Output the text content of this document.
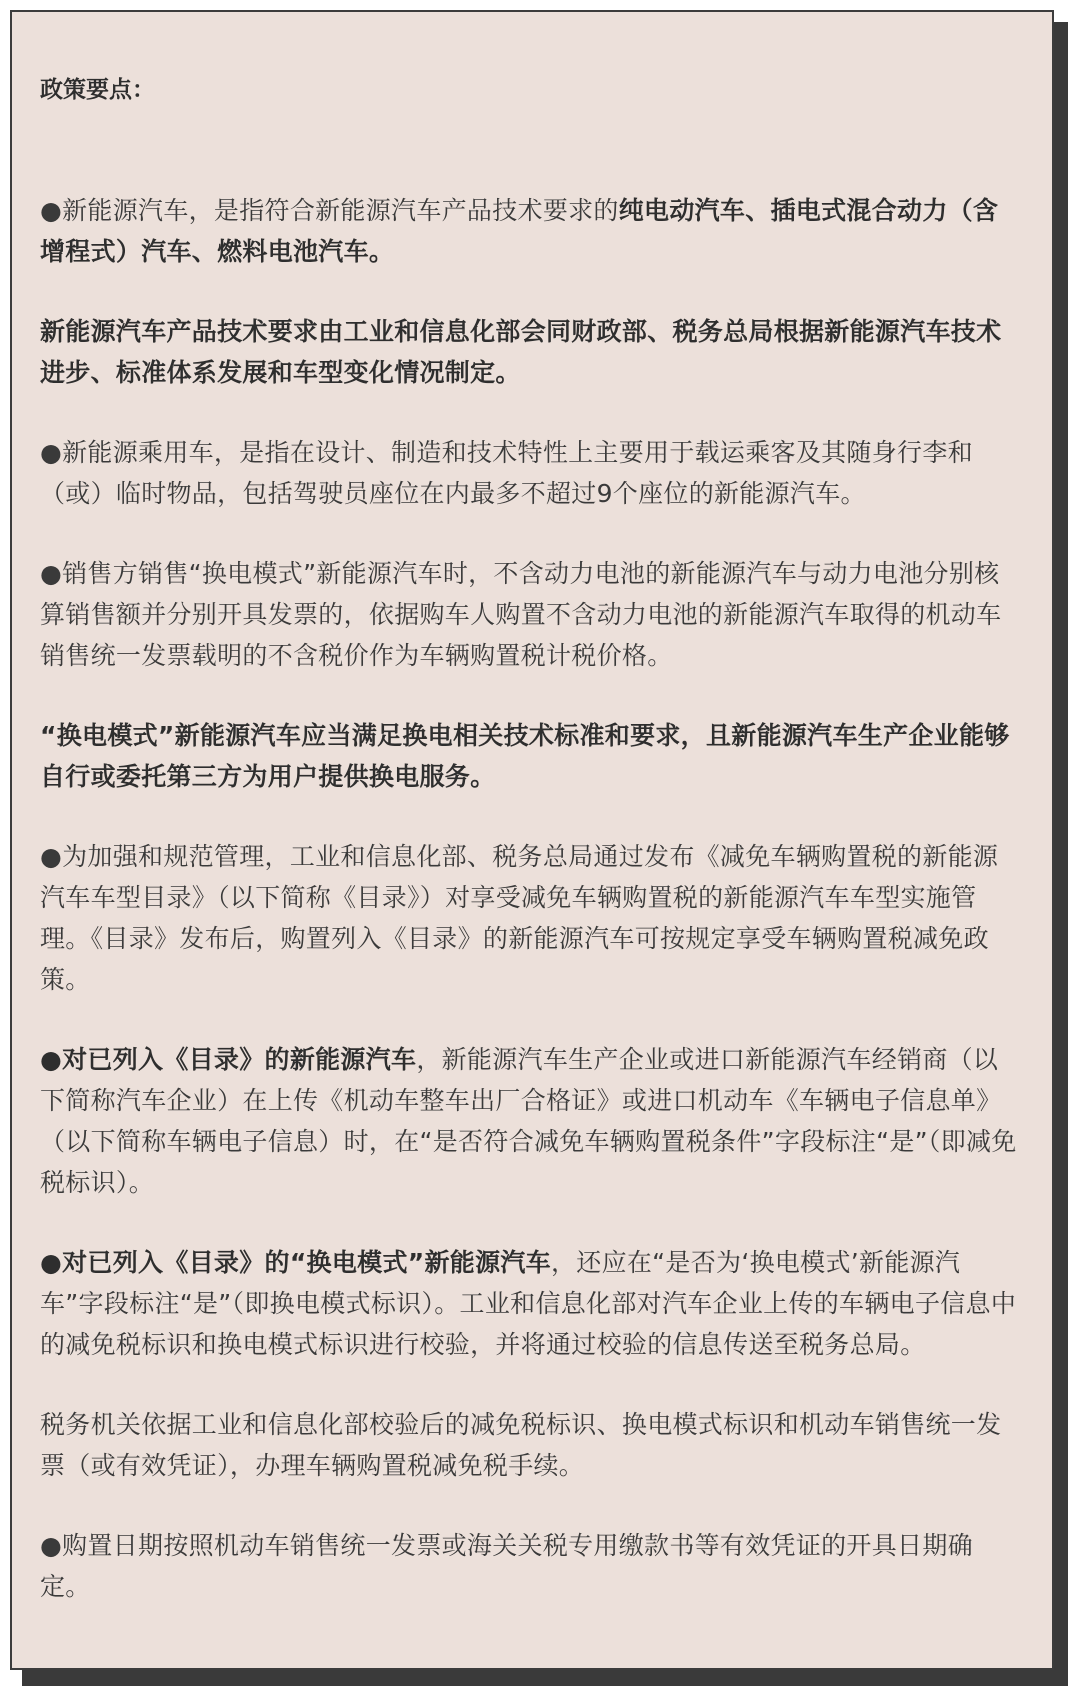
政策要点：
●新能源汽车，是指符合新能源汽车产品技术要求的纯电动汽车、插电式混合动力（含增程式）汽车、燃料电池汽车。
新能源汽车产品技术要求由工业和信息化部会同财政部、税务总局根据新能源汽车技术进步、标准体系发展和车型变化情况制定。
●新能源乘用车，是指在设计、制造和技术特性上主要用于载运乘客及其随身行李和（或）临时物品，包括驾驶员座位在内最多不超过9个座位的新能源汽车。
●销售方销售“换电模式”新能源汽车时，不含动力电池的新能源汽车与动力电池分别核算销售额并分别开具发票的，依据购车人购置不含动力电池的新能源汽车取得的机动车销售统一发票载明的不含税价作为车辆购置税计税价格。
“换电模式”新能源汽车应当满足换电相关技术标准和要求，且新能源汽车生产企业能够自行或委托第三方为用户提供换电服务。
●为加强和规范管理，工业和信息化部、税务总局通过发布《减免车辆购置税的新能源汽车车型目录》（以下简称《目录》）对享受减免车辆购置税的新能源汽车车型实施管理。《目录》发布后，购置列入《目录》的新能源汽车可按规定享受车辆购置税减免政策。
●对已列入《目录》的新能源汽车，新能源汽车生产企业或进口新能源汽车经销商（以下简称汽车企业）在上传《机动车整车出厂合格证》或进口机动车《车辆电子信息单》（以下简称车辆电子信息）时，在“是否符合减免车辆购置税条件”字段标注“是”（即减免税标识）。
●对已列入《目录》的“换电模式”新能源汽车，还应在“是否为‘换电模式’新能源汽车”字段标注“是”（即换电模式标识）。工业和信息化部对汽车企业上传的车辆电子信息中的减免税标识和换电模式标识进行校验，并将通过校验的信息传送至税务总局。
税务机关依据工业和信息化部校验后的减免税标识、换电模式标识和机动车销售统一发票（或有效凭证），办理车辆购置税减免税手续。
●购置日期按照机动车销售统一发票或海关关税专用缴款书等有效凭证的开具日期确定。
